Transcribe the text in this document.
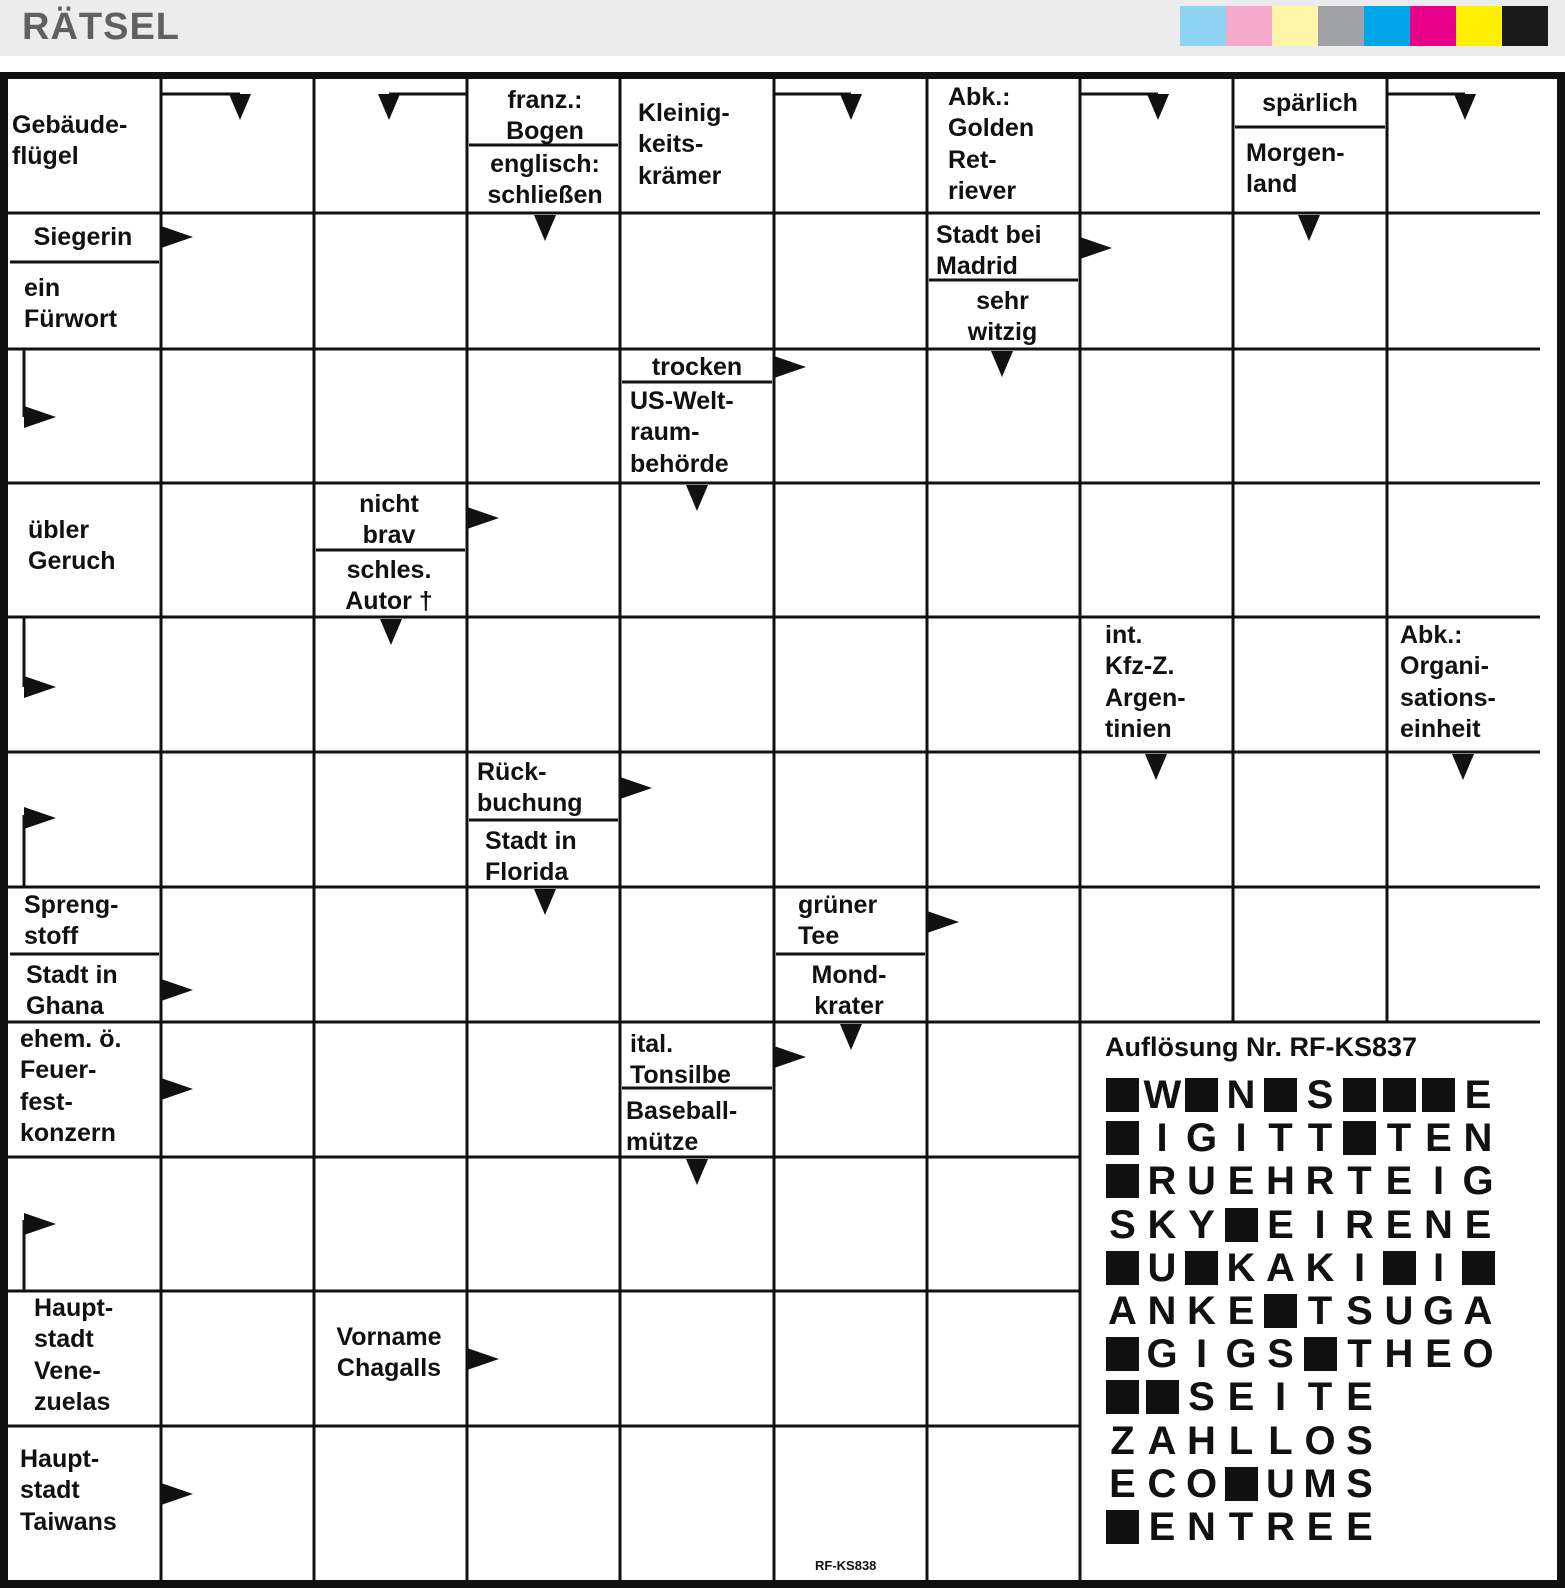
RÄTSEL
Gebäude-
flügel
franz.:
Bogen
englisch:
schließen
Kleinig-
keits-
krämer
Abk.:
Golden
Ret-
riever
spärlich
Morgen-
land
Siegerin
ein
Fürwort
Stadt bei
Madrid
sehr
witzig
trocken
US-Welt-
raum-
behörde
übler
Geruch
nicht
brav
schles.
Autor †
int.
Kfz-Z.
Argen-
tinien
Abk.:
Organi-
sations-
einheit
Rück-
buchung
Stadt in
Florida
Spreng-
stoff
Stadt in
Ghana
grüner
Tee
Mond-
krater
ehem. ö.
Feuer-
fest-
konzern
ital.
Tonsilbe
Baseball-
mütze
Haupt-
stadt
Vene-
zuelas
Vorname
Chagalls
Haupt-
stadt
Taiwans
Auflösung Nr. RF-KS837
W N S	E
I G I T T T E N
R U E H R T E I G
S K Y E I R E N E
U K A K I	I
A N K E T S U G A
G I G S T H E O
S E I T E
Z A H L L O S
E C O U M S
E N T R E E
RF-KS838
